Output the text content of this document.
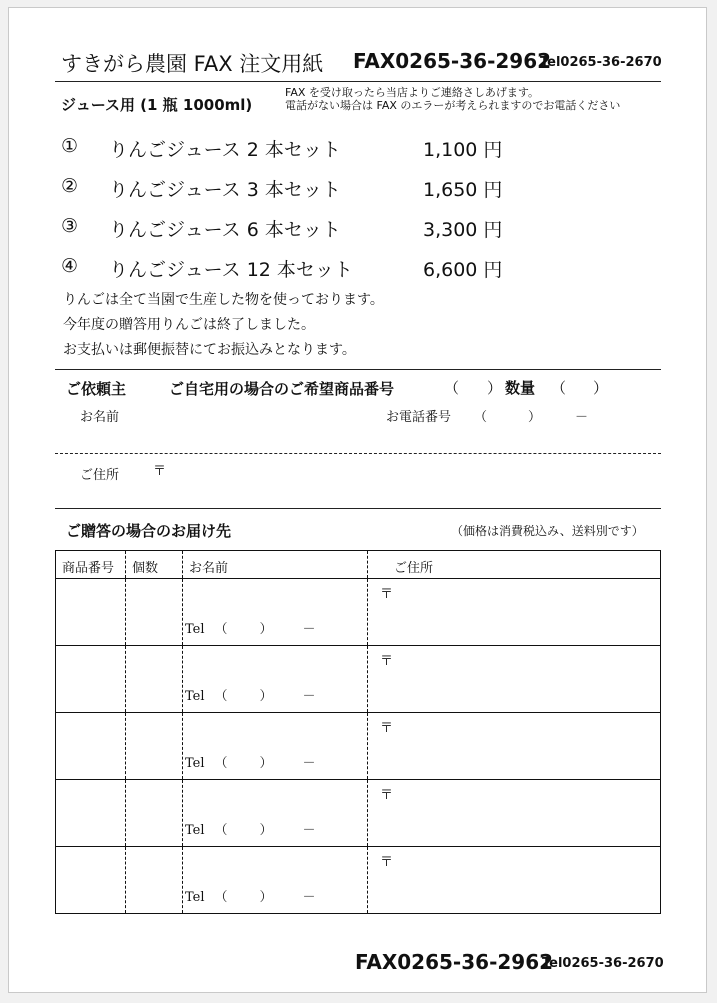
すきがら農園 FAX 注文用紙 FAX0265-36-2962
Tel0265-36-2670
ジュース用 (1 瓶 1000ml)
FAX を受け取ったら当店よりご連絡さしあげます。
電話がない場合は FAX のエラーが考えられますのでお電話ください
① りんごジュース 2 本セット	1,100 円
② りんごジュース 3 本セット	1,650 円
③ りんごジュース 6 本セット	3,300 円
④ りんごジュース 12 本セット	6,600 円
りんごは全て当園で生産した物を使っております。
今年度の贈答用りんごは終了しました。
お支払いは郵便振替にてお振込みとなります。
ご依頼主	ご自宅用の場合のご希望商品番号	（ ） 数量 （ ）
お名前	お電話番号 （	）	－
ご住所	〒
ご贈答の場合のお届け先	（価格は消費税込み、送料別です）
商品番号	個数	お名前	ご住所

		Tel （ ） －	〒

		Tel （ ） －	〒

		Tel （ ） －	〒

		Tel （ ） －	〒

		Tel （ ） －	〒
FAX0265-36-2962
Tel0265-36-2670
